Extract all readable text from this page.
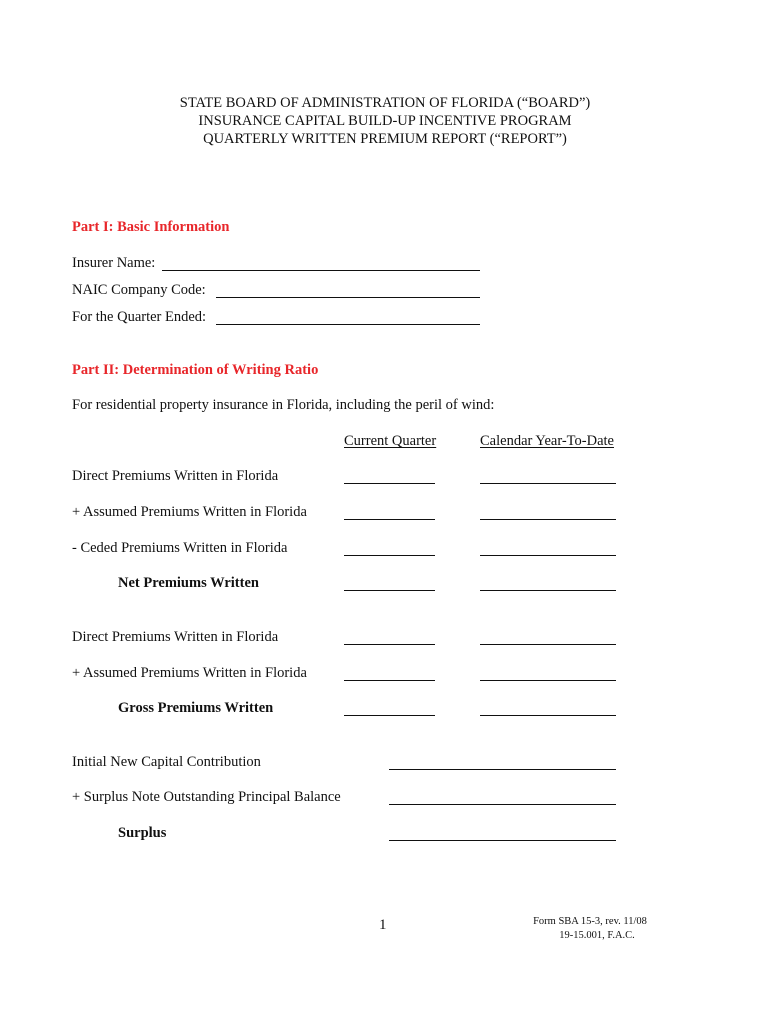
STATE BOARD OF ADMINISTRATION OF FLORIDA (“BOARD”)
INSURANCE CAPITAL BUILD-UP INCENTIVE PROGRAM
QUARTERLY WRITTEN PREMIUM REPORT (“REPORT”)
Part I: Basic Information
Insurer Name:
NAIC Company Code:
For the Quarter Ended:
Part II: Determination of Writing Ratio
For residential property insurance in Florida, including the peril of wind:
Current Quarter	Calendar Year-To-Date
Direct Premiums Written in Florida
+ Assumed Premiums Written in Florida
- Ceded Premiums Written in Florida
Net Premiums Written
Direct Premiums Written in Florida
+ Assumed Premiums Written in Florida
Gross Premiums Written
Initial New Capital Contribution
+ Surplus Note Outstanding Principal Balance
Surplus
1	Form SBA 15-3, rev. 11/08
19-15.001, F.A.C.
